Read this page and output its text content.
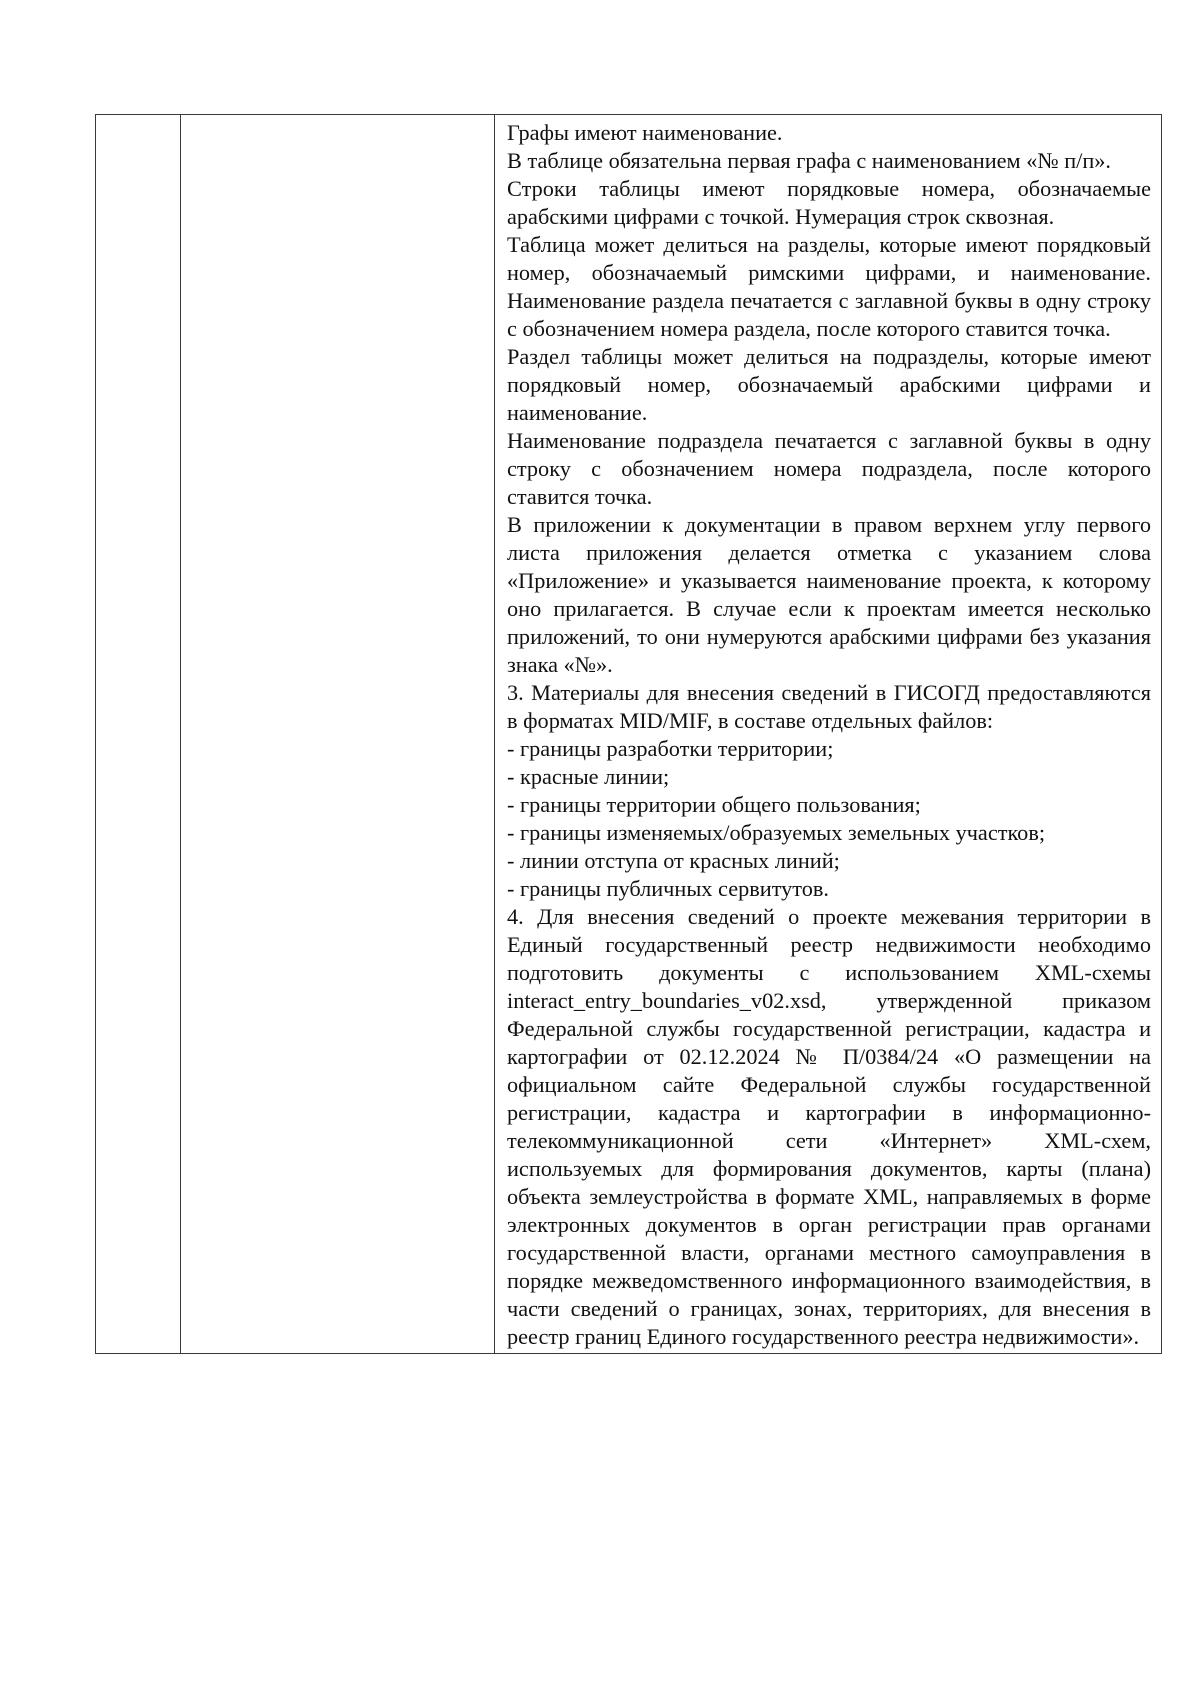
Графы имеют наименование.

В таблице обязательна первая графа с наименованием «№ п/п».

Строки таблицы имеют порядковые номера, обозначаемые арабскими цифрами с точкой. Нумерация строк сквозная.

Таблица может делиться на разделы, которые имеют порядковый номер, обозначаемый римскими цифрами, и наименование. Наименование раздела печатается с заглавной буквы в одну строку с обозначением номера раздела, после которого ставится точка.

Раздел таблицы может делиться на подразделы, которые имеют порядковый номер, обозначаемый арабскими цифрами и наименование.

Наименование подраздела печатается с заглавной буквы в одну строку с обозначением номера подраздела, после которого ставится точка.

В приложении к документации в правом верхнем углу первого листа приложения делается отметка с указанием слова «Приложение» и указывается наименование проекта, к которому оно прилагается. В случае если к проектам имеется несколько приложений, то они нумеруются арабскими цифрами без указания знака «№».

3. Материалы для внесения сведений в ГИСОГД предоставляются в форматах MID/MIF, в составе отдельных файлов:

- границы разработки территории;

- красные линии;

- границы территории общего пользования;

- границы изменяемых/образуемых земельных участков;

- линии отступа от красных линий;

- границы публичных сервитутов.

4. Для внесения сведений о проекте межевания территории в Единый государственный реестр недвижимости необходимо подготовить документы с использованием XML-схемы interact_entry_boundaries_v02.xsd, утвержденной приказом Федеральной службы государственной регистрации, кадастра и картографии от 02.12.2024 № П/0384/24 «О размещении на официальном сайте Федеральной службы государственной регистрации, кадастра и картографии в информационно-телекоммуникационной сети «Интернет» XML-схем, используемых для формирования документов, карты (плана) объекта землеустройства в формате XML, направляемых в форме электронных документов в орган регистрации прав органами государственной власти, органами местного самоуправления в порядке межведомственного информационного взаимодействия, в части сведений о границах, зонах, территориях, для внесения в реестр границ Единого государственного реестра недвижимости».
